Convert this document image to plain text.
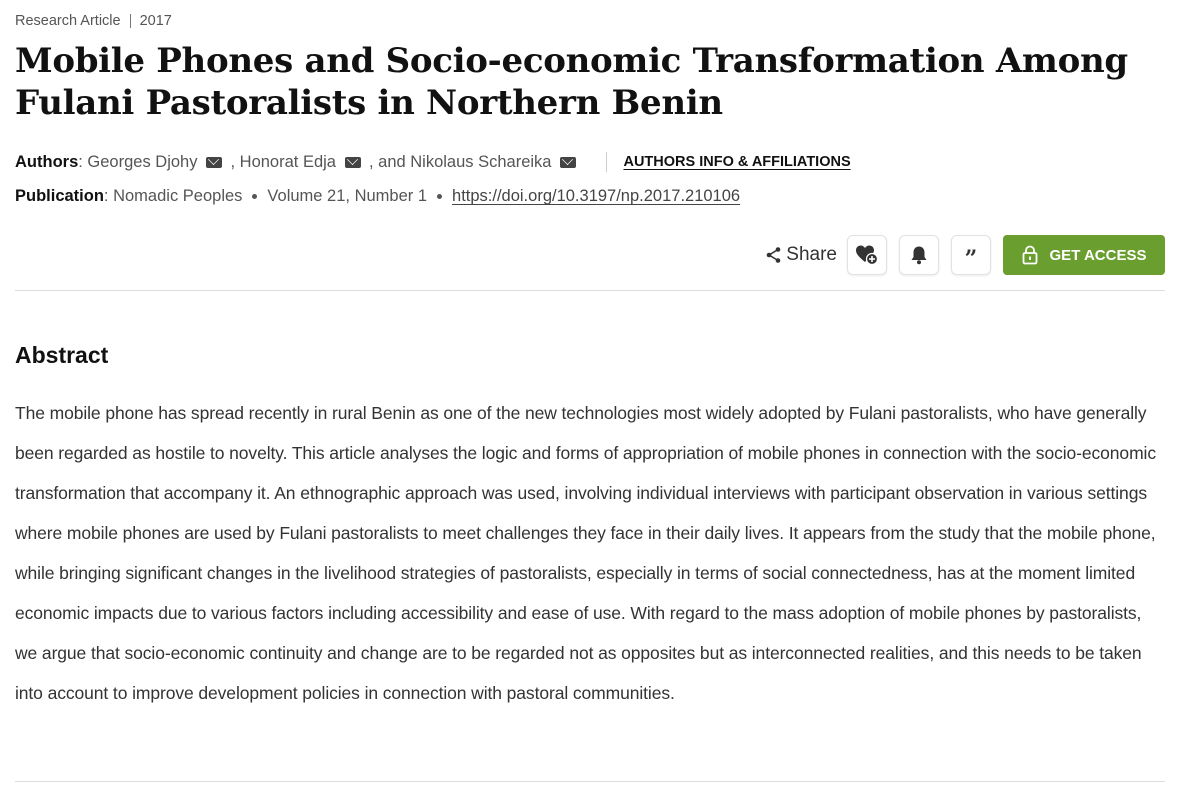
Research Article 2017
Mobile Phones and Socio-economic Transformation Among Fulani Pastoralists in Northern Benin
Authors : Georges Djohy , Honorat Edja , and Nikolaus Schareika	AUTHORS INFO & AFFILIATIONS
Publication : Nomadic Peoples Volume 21, Number 1 https://doi.org/10.3197/np.2017.210106
Share	”	GET ACCESS
Abstract

The mobile phone has spread recently in rural Benin as one of the new technologies most widely adopted by Fulani pastoralists, who have generally been regarded as hostile to novelty. This article analyses the logic and forms of appropriation of mobile phones in connection with the socio-economic transformation that accompany it. An ethnographic approach was used, involving individual interviews with participant observation in various settings where mobile phones are used by Fulani pastoralists to meet challenges they face in their daily lives. It appears from the study that the mobile phone, while bringing significant changes in the livelihood strategies of pastoralists, especially in terms of social connectedness, has at the moment limited economic impacts due to various factors including accessibility and ease of use. With regard to the mass adoption of mobile phones by pastoralists, we argue that socio-economic continuity and change are to be regarded not as opposites but as interconnected realities, and this needs to be taken into account to improve development policies in connection with pastoral communities.
